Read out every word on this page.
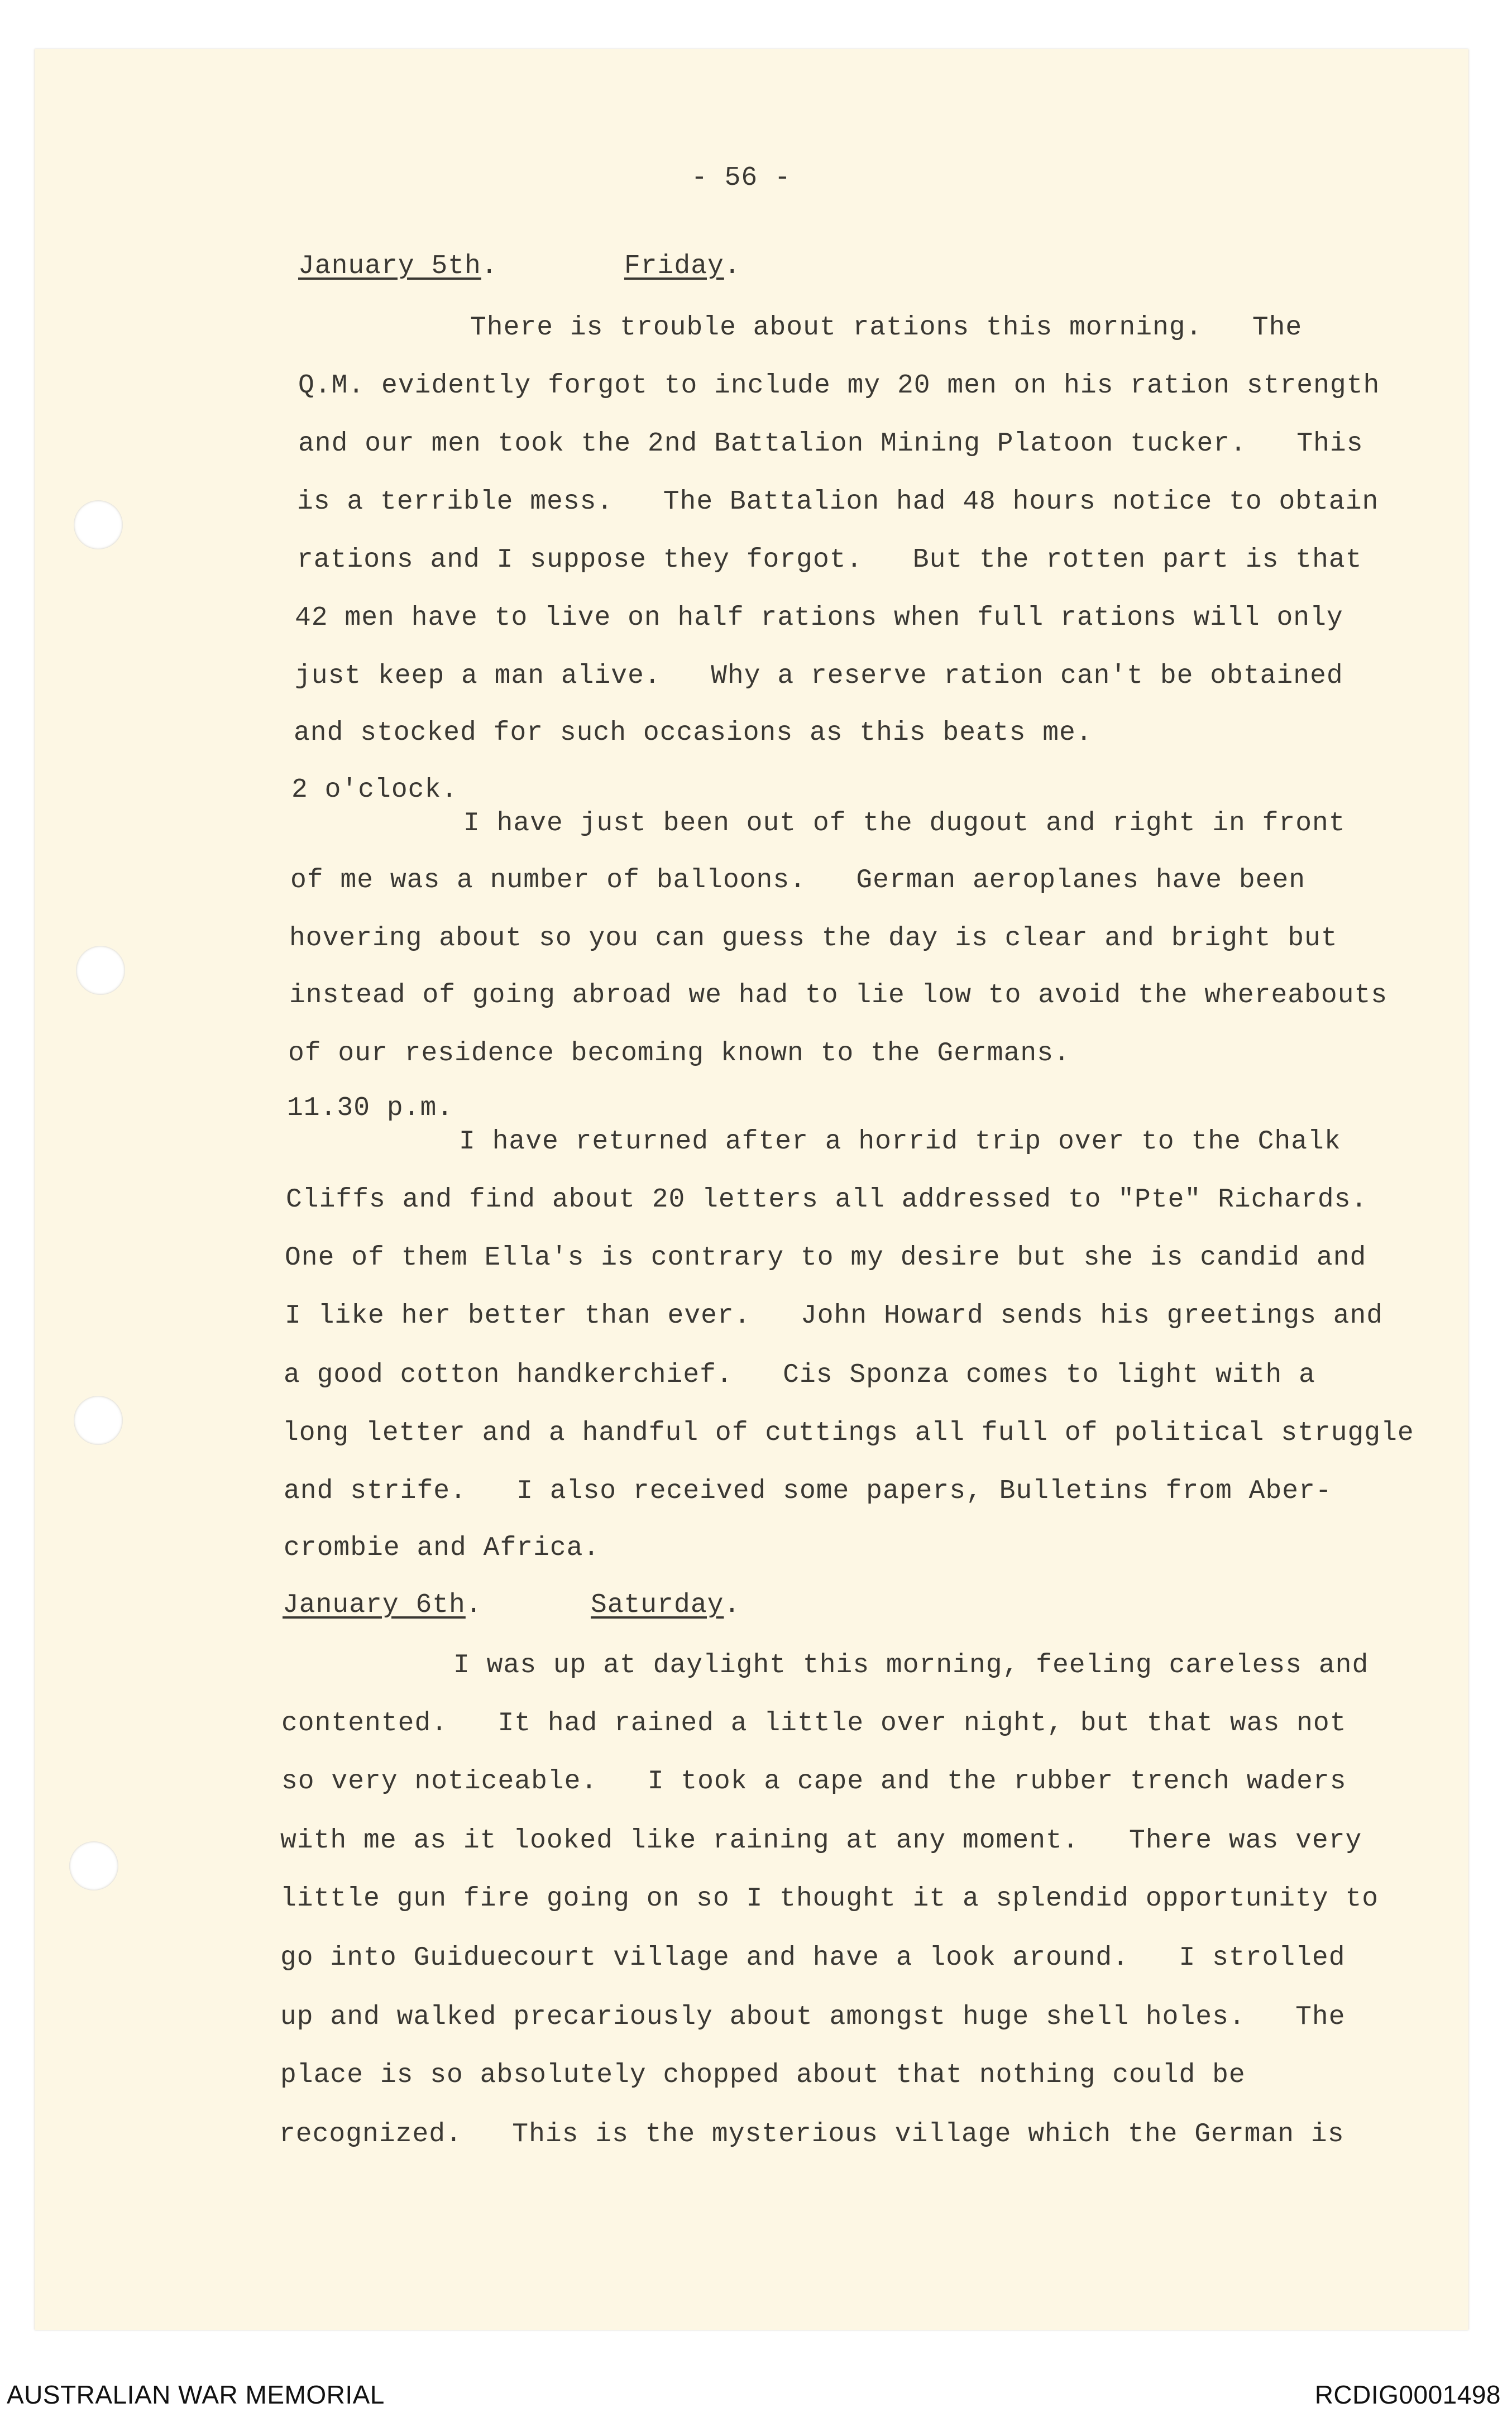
- 56 -
January 5th.	Friday.
There is trouble about rations this morning.   The
Q.M. evidently forgot to include my 20 men on his ration strength
and our men took the 2nd Battalion Mining Platoon tucker.   This
is a terrible mess.   The Battalion had 48 hours notice to obtain
rations and I suppose they forgot.   But the rotten part is that
42 men have to live on half rations when full rations will only
just keep a man alive.   Why a reserve ration can't be obtained
and stocked for such occasions as this beats me.
2 o'clock.
I have just been out of the dugout and right in front
of me was a number of balloons.   German aeroplanes have been
hovering about so you can guess the day is clear and bright but
instead of going abroad we had to lie low to avoid the whereabouts
of our residence becoming known to the Germans.
11.30 p.m.
I have returned after a horrid trip over to the Chalk
Cliffs and find about 20 letters all addressed to "Pte" Richards.
One of them Ella's is contrary to my desire but she is candid and
I like her better than ever.   John Howard sends his greetings and
a good cotton handkerchief.   Cis Sponza comes to light with a
long letter and a handful of cuttings all full of political struggle
and strife.   I also received some papers, Bulletins from Aber-
crombie and Africa.
January 6th.	Saturday.
I was up at daylight this morning, feeling careless and
contented.   It had rained a little over night, but that was not
so very noticeable.   I took a cape and the rubber trench waders
with me as it looked like raining at any moment.   There was very
little gun fire going on so I thought it a splendid opportunity to
go into Guiduecourt village and have a look around.   I strolled
up and walked precariously about amongst huge shell holes.   The
place is so absolutely chopped about that nothing could be
recognized.   This is the mysterious village which the German is
AUSTRALIAN WAR MEMORIAL	RCDIG0001498
